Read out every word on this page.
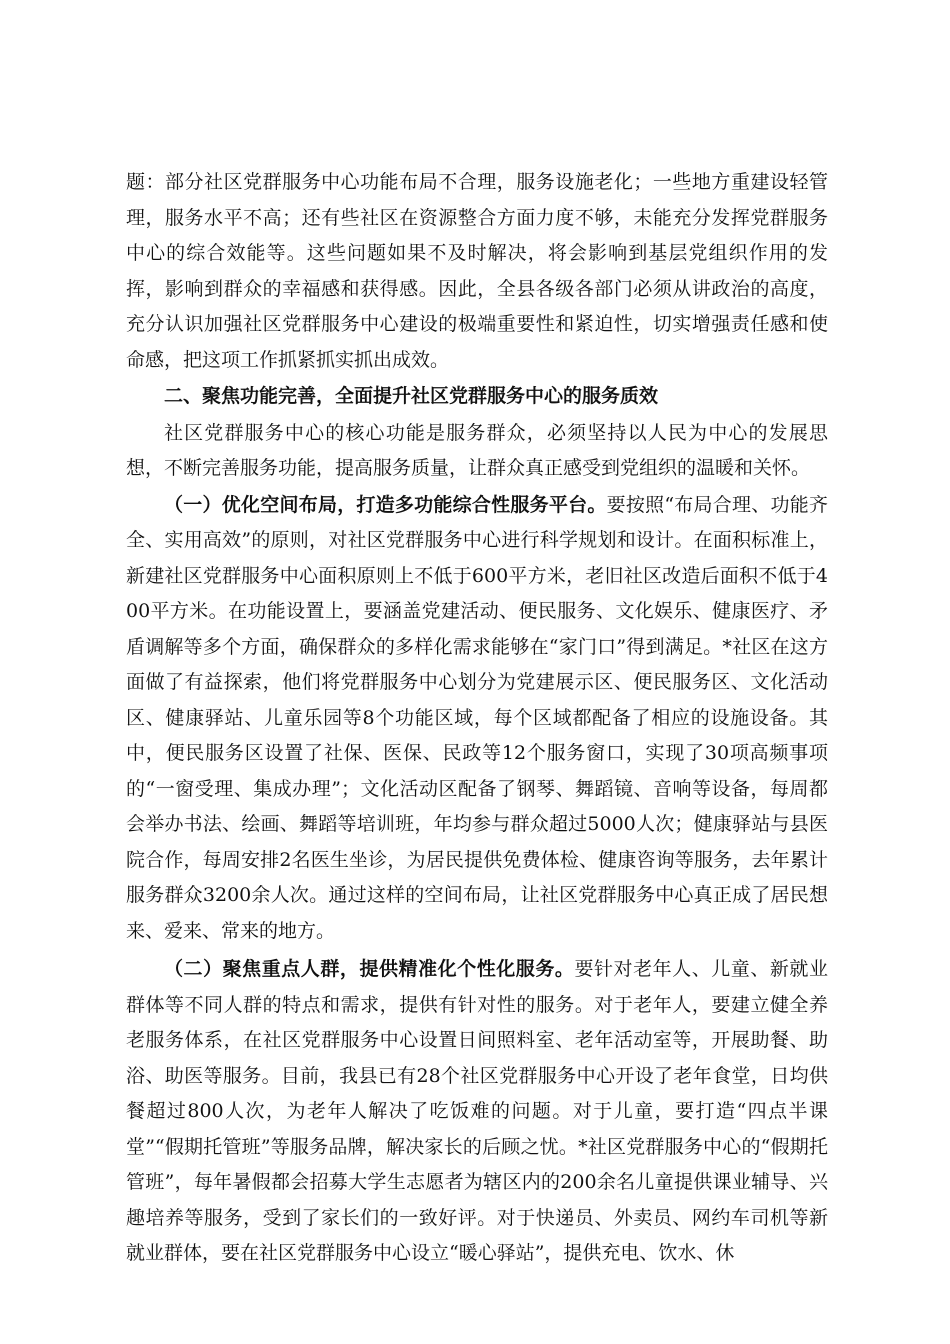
题：部分社区党群服务中心功能布局不合理，服务设施老化；一些地方重建设轻管理，服务水平不高；还有些社区在资源整合方面力度不够，未能充分发挥党群服务中心的综合效能等。这些问题如果不及时解决，将会影响到基层党组织作用的发挥，影响到群众的幸福感和获得感。因此，全县各级各部门必须从讲政治的高度，充分认识加强社区党群服务中心建设的极端重要性和紧迫性，切实增强责任感和使命感，把这项工作抓紧抓实抓出成效。

二、聚焦功能完善，全面提升社区党群服务中心的服务质效

社区党群服务中心的核心功能是服务群众，必须坚持以人民为中心的发展思想，不断完善服务功能，提高服务质量，让群众真正感受到党组织的温暖和关怀。

（一）优化空间布局，打造多功能综合性服务平台。要按照“布局合理、功能齐全、实用高效”的原则，对社区党群服务中心进行科学规划和设计。在面积标准上，新建社区党群服务中心面积原则上不低于600平方米，老旧社区改造后面积不低于400平方米。在功能设置上，要涵盖党建活动、便民服务、文化娱乐、健康医疗、矛盾调解等多个方面，确保群众的多样化需求能够在“家门口”得到满足。*社区在这方面做了有益探索，他们将党群服务中心划分为党建展示区、便民服务区、文化活动区、健康驿站、儿童乐园等8个功能区域，每个区域都配备了相应的设施设备。其中，便民服务区设置了社保、医保、民政等12个服务窗口，实现了30项高频事项的“一窗受理、集成办理”；文化活动区配备了钢琴、舞蹈镜、音响等设备，每周都会举办书法、绘画、舞蹈等培训班，年均参与群众超过5000人次；健康驿站与县医院合作，每周安排2名医生坐诊，为居民提供免费体检、健康咨询等服务，去年累计服务群众3200余人次。通过这样的空间布局，让社区党群服务中心真正成了居民想来、爱来、常来的地方。

（二）聚焦重点人群，提供精准化个性化服务。要针对老年人、儿童、新就业群体等不同人群的特点和需求，提供有针对性的服务。对于老年人，要建立健全养老服务体系，在社区党群服务中心设置日间照料室、老年活动室等，开展助餐、助浴、助医等服务。目前，我县已有28个社区党群服务中心开设了老年食堂，日均供餐超过800人次，为老年人解决了吃饭难的问题。对于儿童，要打造“四点半课堂”“假期托管班”等服务品牌，解决家长的后顾之忧。*社区党群服务中心的“假期托管班”，每年暑假都会招募大学生志愿者为辖区内的200余名儿童提供课业辅导、兴趣培养等服务，受到了家长们的一致好评。对于快递员、外卖员、网约车司机等新就业群体，要在社区党群服务中心设立“暖心驿站”，提供充电、饮水、休
